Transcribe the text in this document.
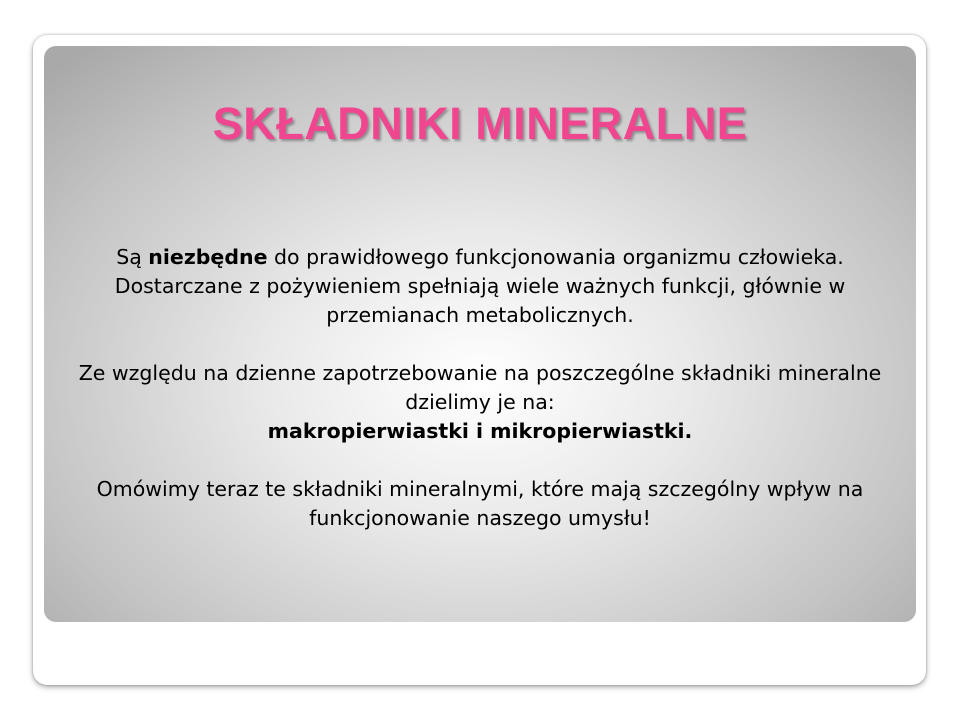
SKŁADNIKI MINERALNE

Są niezbędne do prawidłowego funkcjonowania organizmu człowieka. Dostarczane z pożywieniem spełniają wiele ważnych funkcji, głównie w przemianach metabolicznych.

Ze względu na dzienne zapotrzebowanie na poszczególne składniki mineralne dzielimy je na:
makropierwiastki i mikropierwiastki.

Omówimy teraz te składniki mineralnymi, które mają szczególny wpływ na funkcjonowanie naszego umysłu!
